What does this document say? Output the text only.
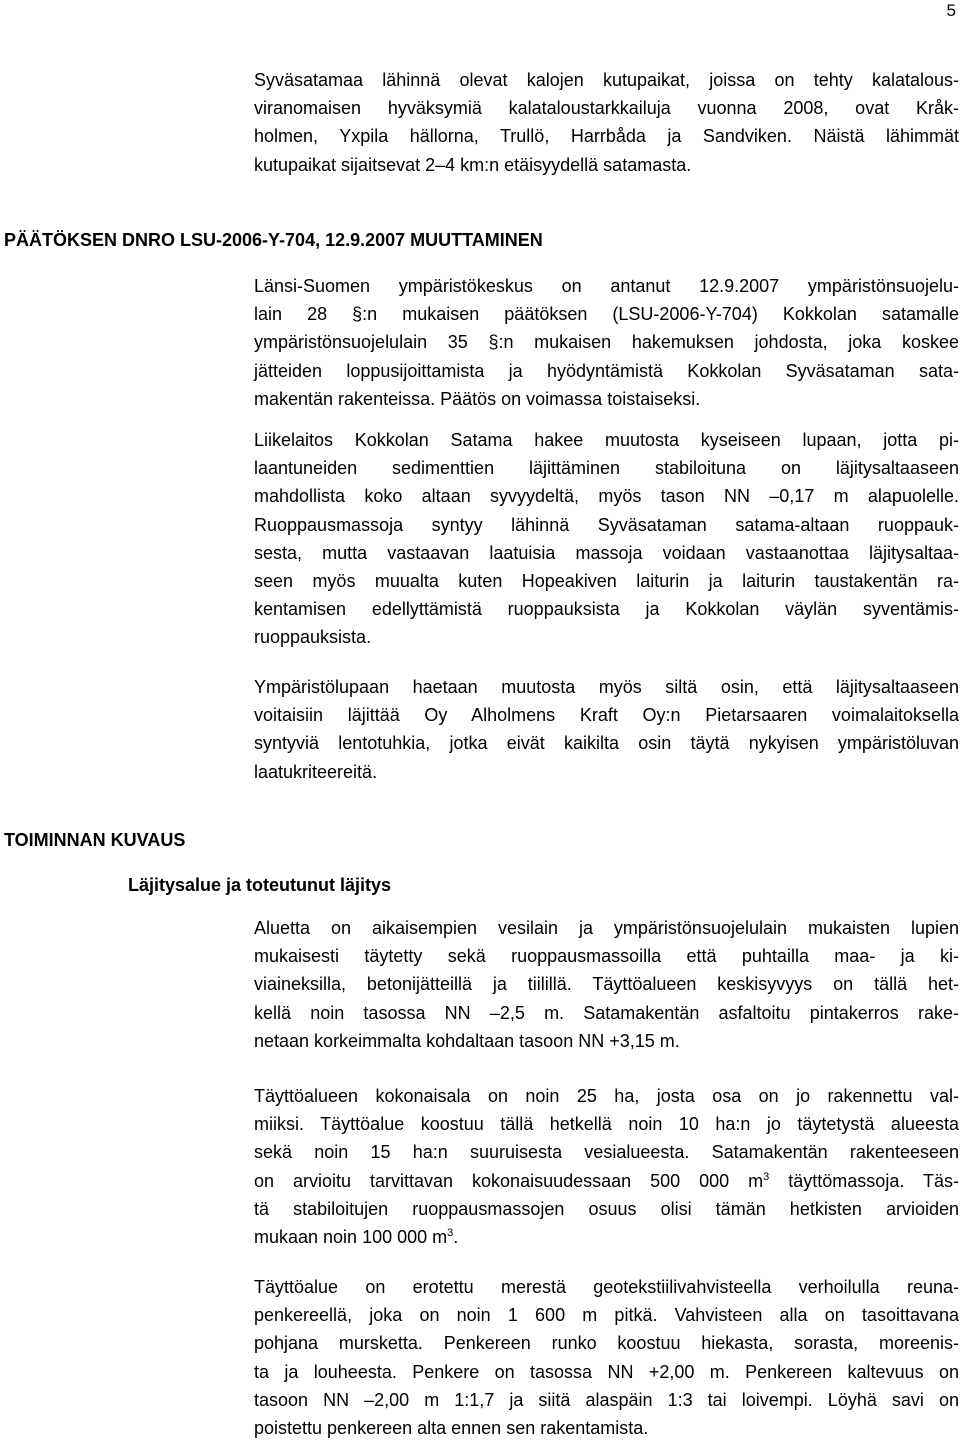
5
Syväsatamaa lähinnä olevat kalojen kutupaikat, joissa on tehty kalatalous-
viranomaisen hyväksymiä kalataloustarkkailuja vuonna 2008, ovat Kråk-
holmen, Yxpila hällorna, Trullö, Harrbåda ja Sandviken. Näistä lähimmät
kutupaikat sijaitsevat 2–4 km:n etäisyydellä satamasta.
PÄÄTÖKSEN DNRO LSU-2006-Y-704, 12.9.2007 MUUTTAMINEN
Länsi-Suomen ympäristökeskus on antanut 12.9.2007 ympäristönsuojelu-
lain 28 §:n mukaisen päätöksen (LSU-2006-Y-704) Kokkolan satamalle
ympäristönsuojelulain 35 §:n mukaisen hakemuksen johdosta, joka koskee
jätteiden loppusijoittamista ja hyödyntämistä Kokkolan Syväsataman sata-
makentän rakenteissa. Päätös on voimassa toistaiseksi.
Liikelaitos Kokkolan Satama hakee muutosta kyseiseen lupaan, jotta pi-
laantuneiden sedimenttien läjittäminen stabiloituna on läjitysaltaaseen
mahdollista koko altaan syvyydeltä, myös tason NN –0,17 m alapuolelle.
Ruoppausmassoja syntyy lähinnä Syväsataman satama-altaan ruoppauk-
sesta, mutta vastaavan laatuisia massoja voidaan vastaanottaa läjitysaltaa-
seen myös muualta kuten Hopeakiven laiturin ja laiturin taustakentän ra-
kentamisen edellyttämistä ruoppauksista ja Kokkolan väylän syventämis-
ruoppauksista.
Ympäristölupaan haetaan muutosta myös siltä osin, että läjitysaltaaseen
voitaisiin läjittää Oy Alholmens Kraft Oy:n Pietarsaaren voimalaitoksella
syntyviä lentotuhkia, jotka eivät kaikilta osin täytä nykyisen ympäristöluvan
laatukriteereitä.
TOIMINNAN KUVAUS
Läjitysalue ja toteutunut läjitys
Aluetta on aikaisempien vesilain ja ympäristönsuojelulain mukaisten lupien
mukaisesti täytetty sekä ruoppausmassoilla että puhtailla maa- ja ki-
viaineksilla, betonijätteillä ja tiilillä. Täyttöalueen keskisyvyys on tällä het-
kellä noin tasossa NN –2,5 m. Satamakentän asfaltoitu pintakerros rake-
netaan korkeimmalta kohdaltaan tasoon NN +3,15 m.
Täyttöalueen kokonaisala on noin 25 ha, josta osa on jo rakennettu val-
miiksi. Täyttöalue koostuu tällä hetkellä noin 10 ha:n jo täytetystä alueesta
sekä noin 15 ha:n suuruisesta vesialueesta. Satamakentän rakenteeseen
on arvioitu tarvittavan kokonaisuudessaan 500 000 $m^3$ täyttömassoja. Täs-
tä stabiloitujen ruoppausmassojen osuus olisi tämän hetkisten arvioiden
mukaan noin 100 000 $m^3$.
Täyttöalue on erotettu merestä geotekstiilivahvisteella verhoilulla reuna-
penkereellä, joka on noin 1 600 m pitkä. Vahvisteen alla on tasoittavana
pohjana murskettа. Penkereen runko koostuu hiekasta, sorasta, moreenis-
ta ja louheesta. Penkere on tasossa NN +2,00 m. Penkereen kaltevuus on
tasoon NN –2,00 m 1:1,7 ja siitä alaspäin 1:3 tai loivempi. Löyhä savi on
poistettu penkereen alta ennen sen rakentamista.
